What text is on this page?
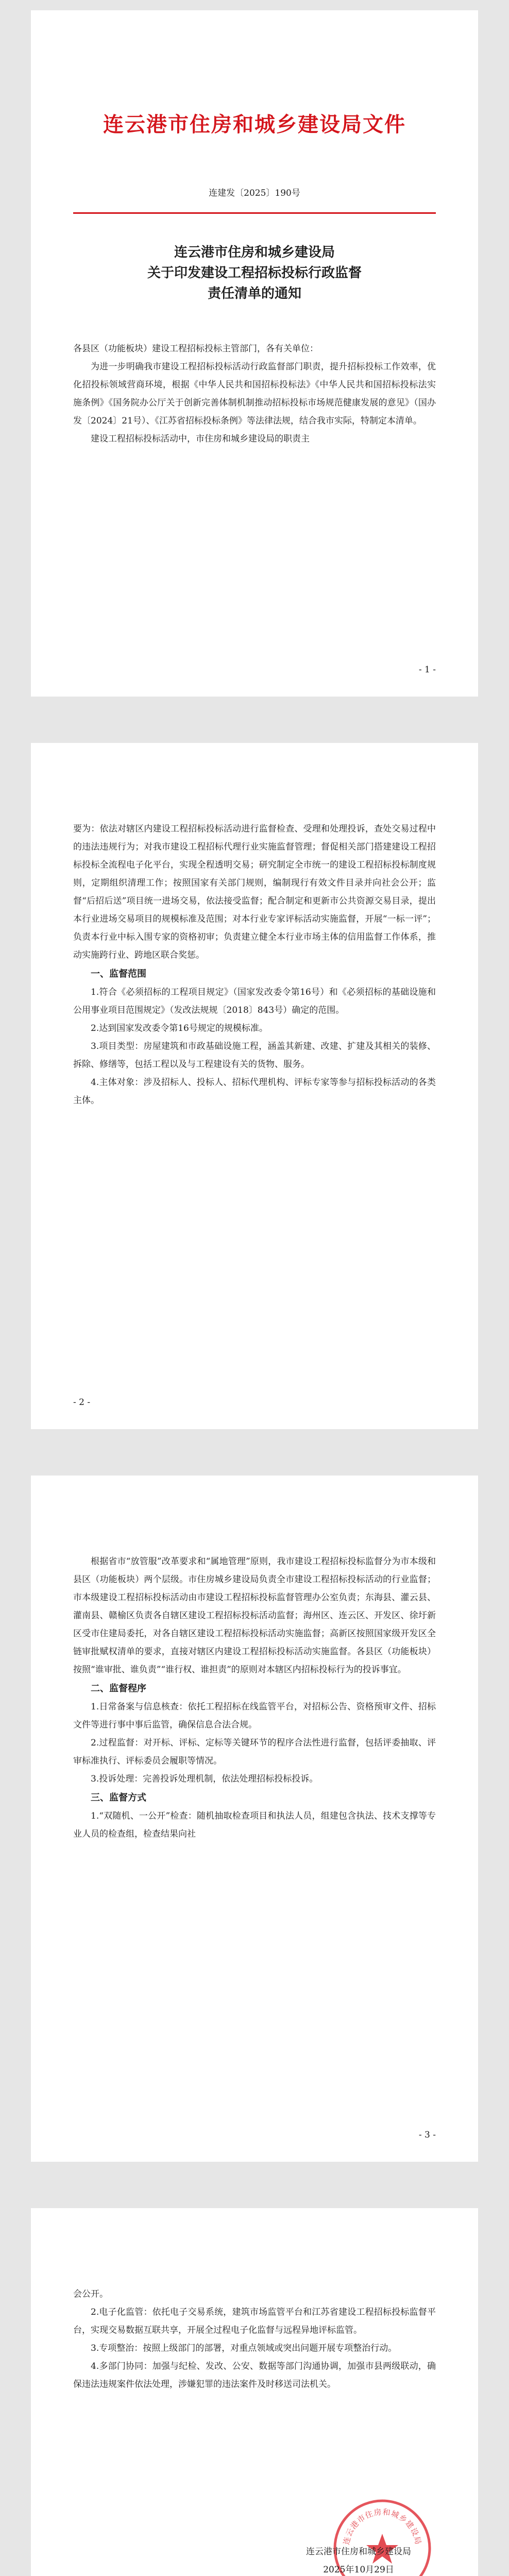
连云港市住房和城乡建设局文件
连建发〔2025〕190号
连云港市住房和城乡建设局
关于印发建设工程招标投标行政监督
责任清单的通知

各县区（功能板块）建设工程招标投标主管部门，各有关单位：

为进一步明确我市建设工程招标投标活动行政监督部门职责，提升招标投标工作效率，优化招投标领域营商环境，根据《中华人民共和国招标投标法》《中华人民共和国招标投标法实施条例》《国务院办公厅关于创新完善体制机制推动招标投标市场规范健康发展的意见》（国办发〔2024〕21号）、《江苏省招标投标条例》等法律法规，结合我市实际，特制定本清单。

建设工程招标投标活动中，市住房和城乡建设局的职责主

- 1 -

要为：依法对辖区内建设工程招标投标活动进行监督检查、受理和处理投诉，查处交易过程中的违法违规行为；对我市建设工程招标代理行业实施监督管理；督促相关部门搭建建设工程招标投标全流程电子化平台，实现全程透明交易；研究制定全市统一的建设工程招标投标制度规则，定期组织清理工作；按照国家有关部门规则，编制现行有效文件目录并向社会公开；监督“后招后送”项目统一进场交易，依法接受监督；配合制定和更新市公共资源交易目录，提出本行业进场交易项目的规模标准及范围；对本行业专家评标活动实施监督，开展“一标一评”；负责本行业中标入围专家的资格初审；负责建立健全本行业市场主体的信用监督工作体系，推动实施跨行业、跨地区联合奖惩。

一、监督范围

1.符合《必须招标的工程项目规定》（国家发改委令第16号）和《必须招标的基础设施和公用事业项目范围规定》（发改法规规〔2018〕843号）确定的范围。

2.达到国家发改委令第16号规定的规模标准。

3.项目类型：房屋建筑和市政基础设施工程，涵盖其新建、改建、扩建及其相关的装修、拆除、修缮等，包括工程以及与工程建设有关的货物、服务。

4.主体对象：涉及招标人、投标人、招标代理机构、评标专家等参与招标投标活动的各类主体。

- 2 -

根据省市“放管服”改革要求和“属地管理”原则，我市建设工程招标投标监督分为市本级和县区（功能板块）两个层级。市住房城乡建设局负责全市建设工程招标投标活动的行业监督；市本级建设工程招标投标活动由市建设工程招标投标监督管理办公室负责；东海县、灌云县、灌南县、赣榆区负责各自辖区建设工程招标投标活动监督；海州区、连云区、开发区、徐圩新区受市住建局委托，对各自辖区建设工程招标投标活动实施监督；高新区按照国家级开发区全链审批赋权清单的要求，直接对辖区内建设工程招标投标活动实施监督。各县区（功能板块）按照“谁审批、谁负责”“谁行权、谁担责”的原则对本辖区内招标投标行为的投诉事宜。

二、监督程序

1.日常备案与信息核查：依托工程招标在线监管平台，对招标公告、资格预审文件、招标文件等进行事中事后监管，确保信息合法合规。

2.过程监督：对开标、评标、定标等关键环节的程序合法性进行监督，包括评委抽取、评审标准执行、评标委员会履职等情况。

3.投诉处理：完善投诉处理机制，依法处理招标投标投诉。

三、监督方式

1.“双随机、一公开”检查：随机抽取检查项目和执法人员，组建包含执法、技术支撑等专业人员的检查组，检查结果向社

- 3 -

会公开。

2.电子化监管：依托电子交易系统，建筑市场监管平台和江苏省建设工程招标投标监督平台，实现交易数据互联共享，开展全过程电子化监督与远程异地评标监管。

3.专项整治：按照上级部门的部署，对重点领域或突出问题开展专项整治行动。

4.多部门协同：加强与纪检、发改、公安、数据等部门沟通协调，加强市县两级联动，确保违法违规案件依法处理，涉嫌犯罪的违法案件及时移送司法机关。

连云港市住房和城乡建设局
连云港市住房和城乡建设局
2025年10月29日
